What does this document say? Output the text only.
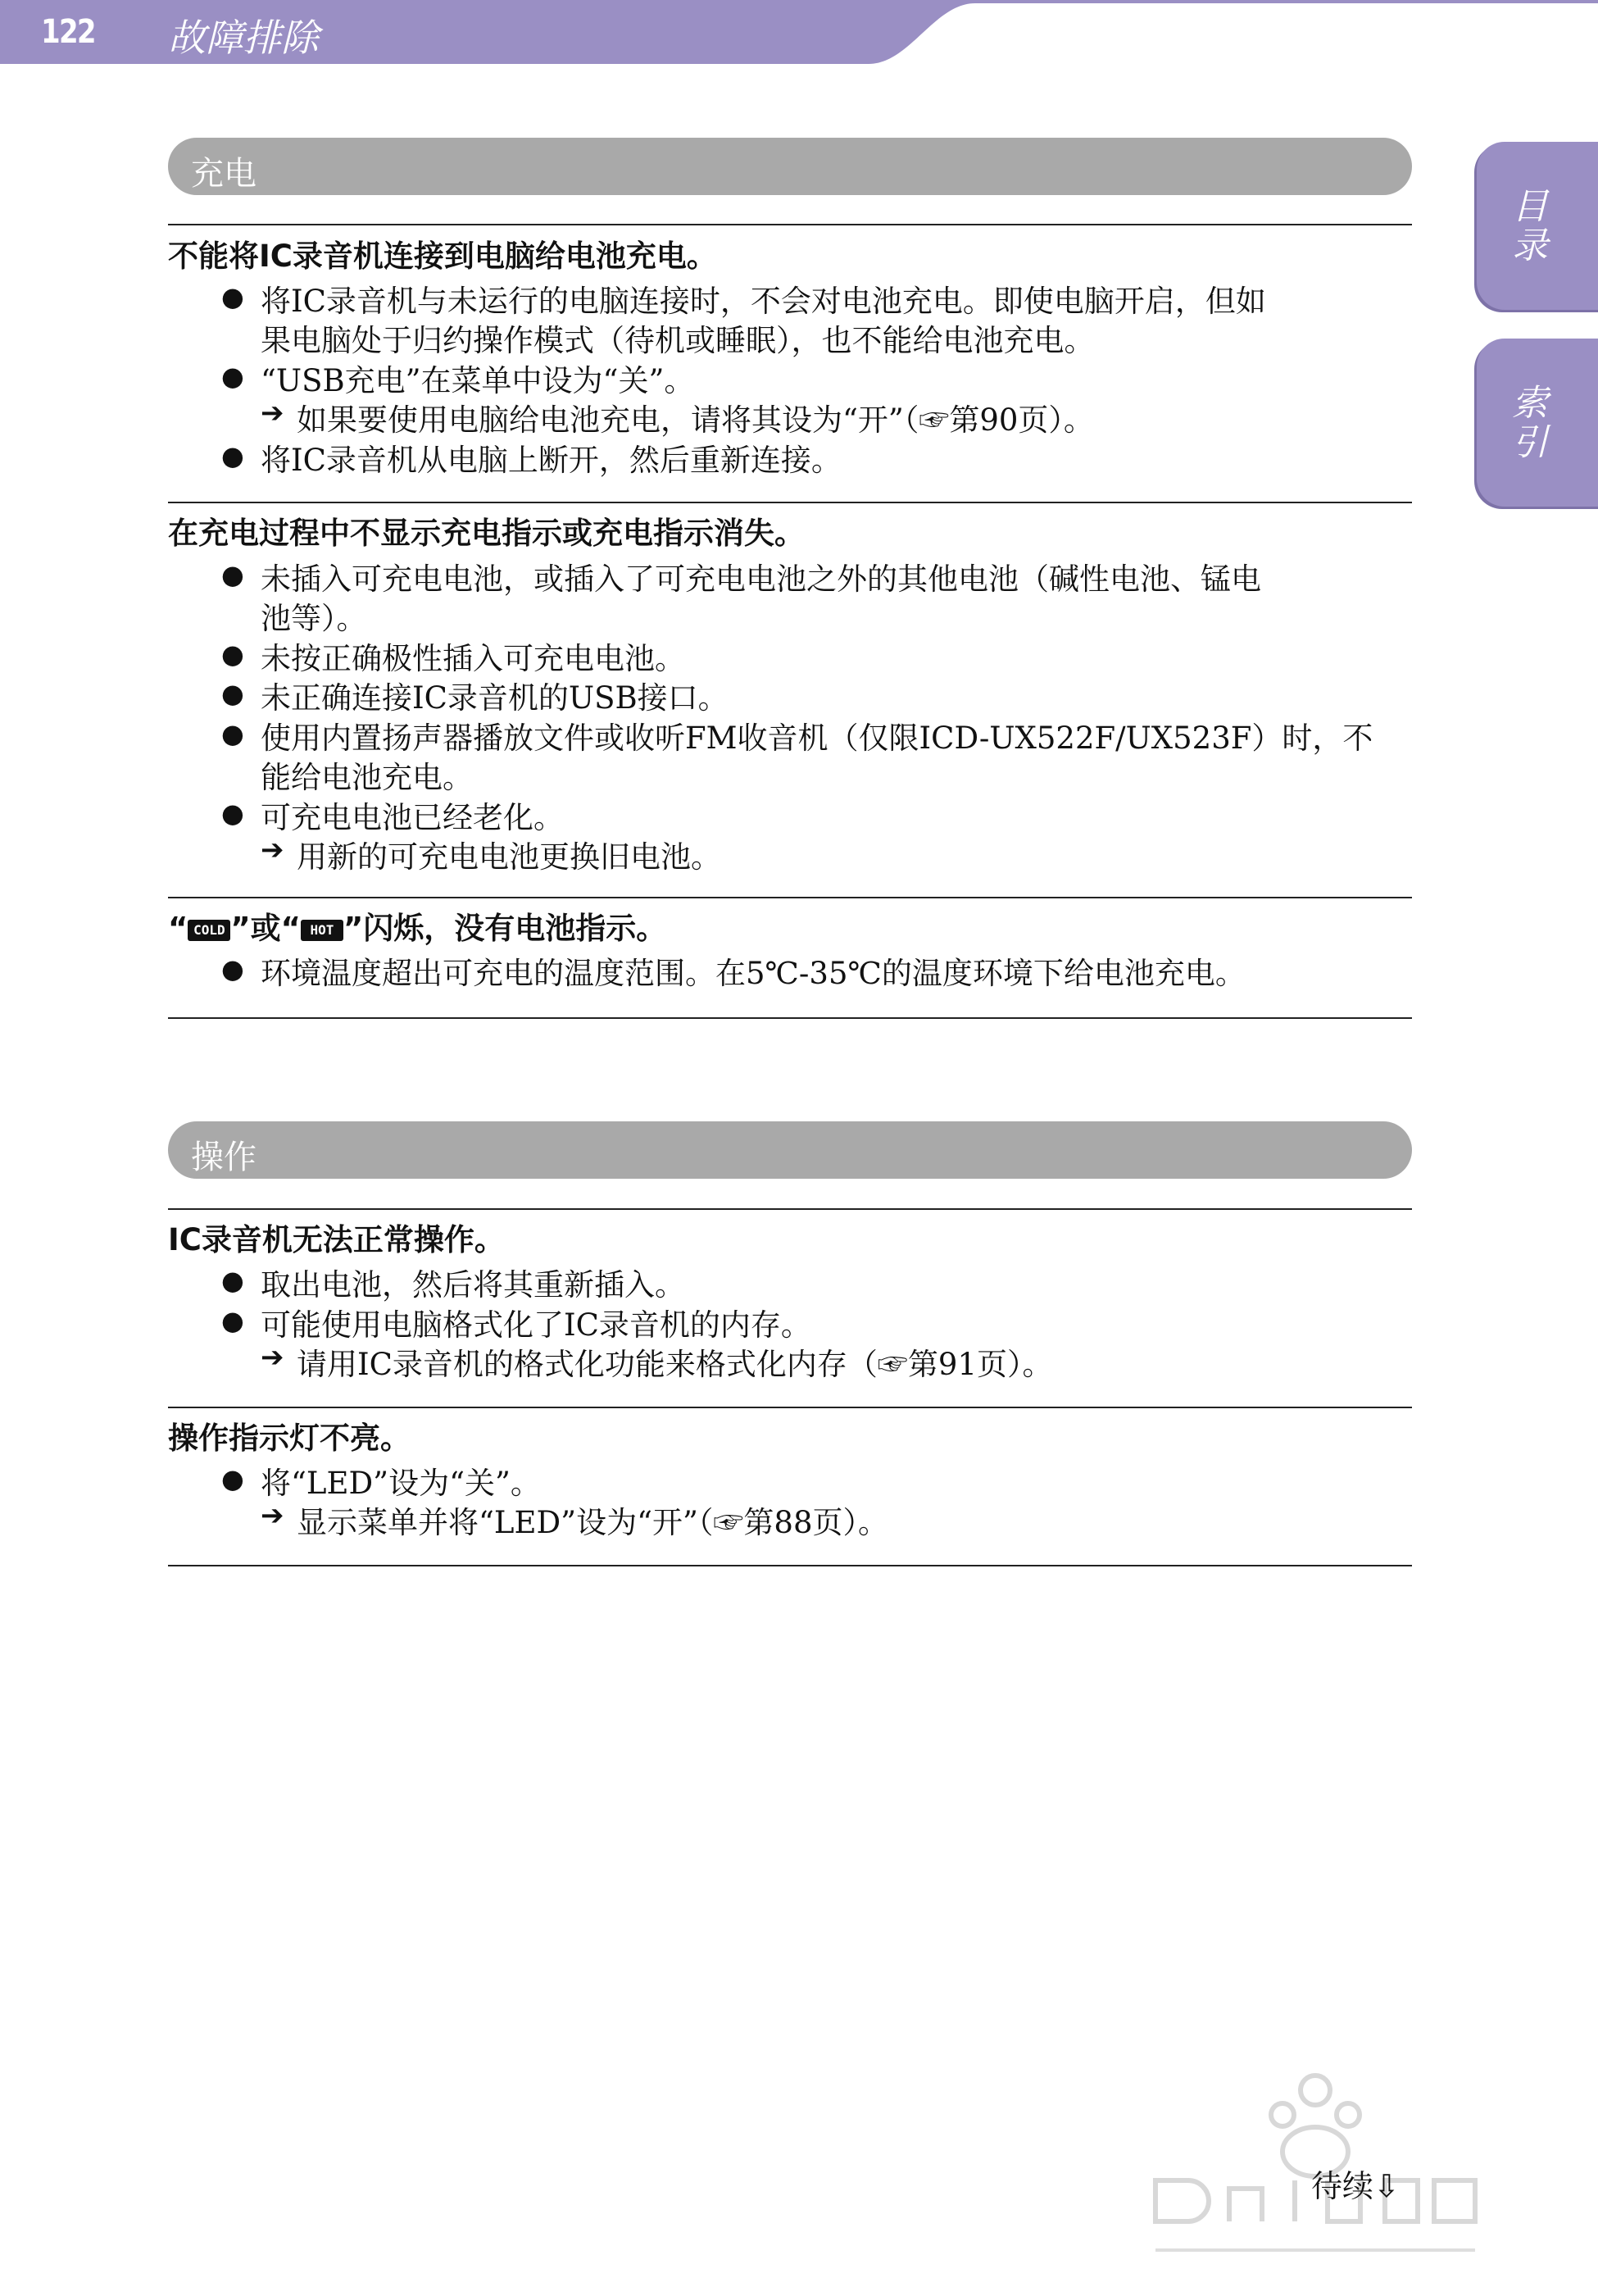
122 故障排除
目录
索引
充电
不能将IC录音机连接到电脑给电池充电。
● 将IC录音机与未运行的电脑连接时，不会对电池充电。即使电脑开启，但如
果电脑处于归约操作模式（待机或睡眠），也不能给电池充电。
● “USB充电”在菜单中设为“关”。
➔ 如果要使用电脑给电池充电，请将其设为“开”（☞第90页）。
● 将IC录音机从电脑上断开，然后重新连接。
在充电过程中不显示充电指示或充电指示消失。
● 未插入可充电电池，或插入了可充电电池之外的其他电池（碱性电池、锰电
池等）。
● 未按正确极性插入可充电电池。
● 未正确连接IC录音机的USB接口。
● 使用内置扬声器播放文件或收听FM收音机（仅限ICD-UX522F/UX523F）时，不
能给电池充电。
● 可充电电池已经老化。
➔ 用新的可充电电池更换旧电池。
“ COLD ”或“ HOT ”闪烁，没有电池指示。
● 环境温度超出可充电的温度范围。在5℃-35℃的温度环境下给电池充电。
操作
IC录音机无法正常操作。
● 取出电池，然后将其重新插入。
● 可能使用电脑格式化了IC录音机的内存。
➔ 请用IC录音机的格式化功能来格式化内存（☞第91页）。
操作指示灯不亮。
● 将“LED”设为“关”。
➔ 显示菜单并将“LED”设为“开”（☞第88页）。
待续⇩
